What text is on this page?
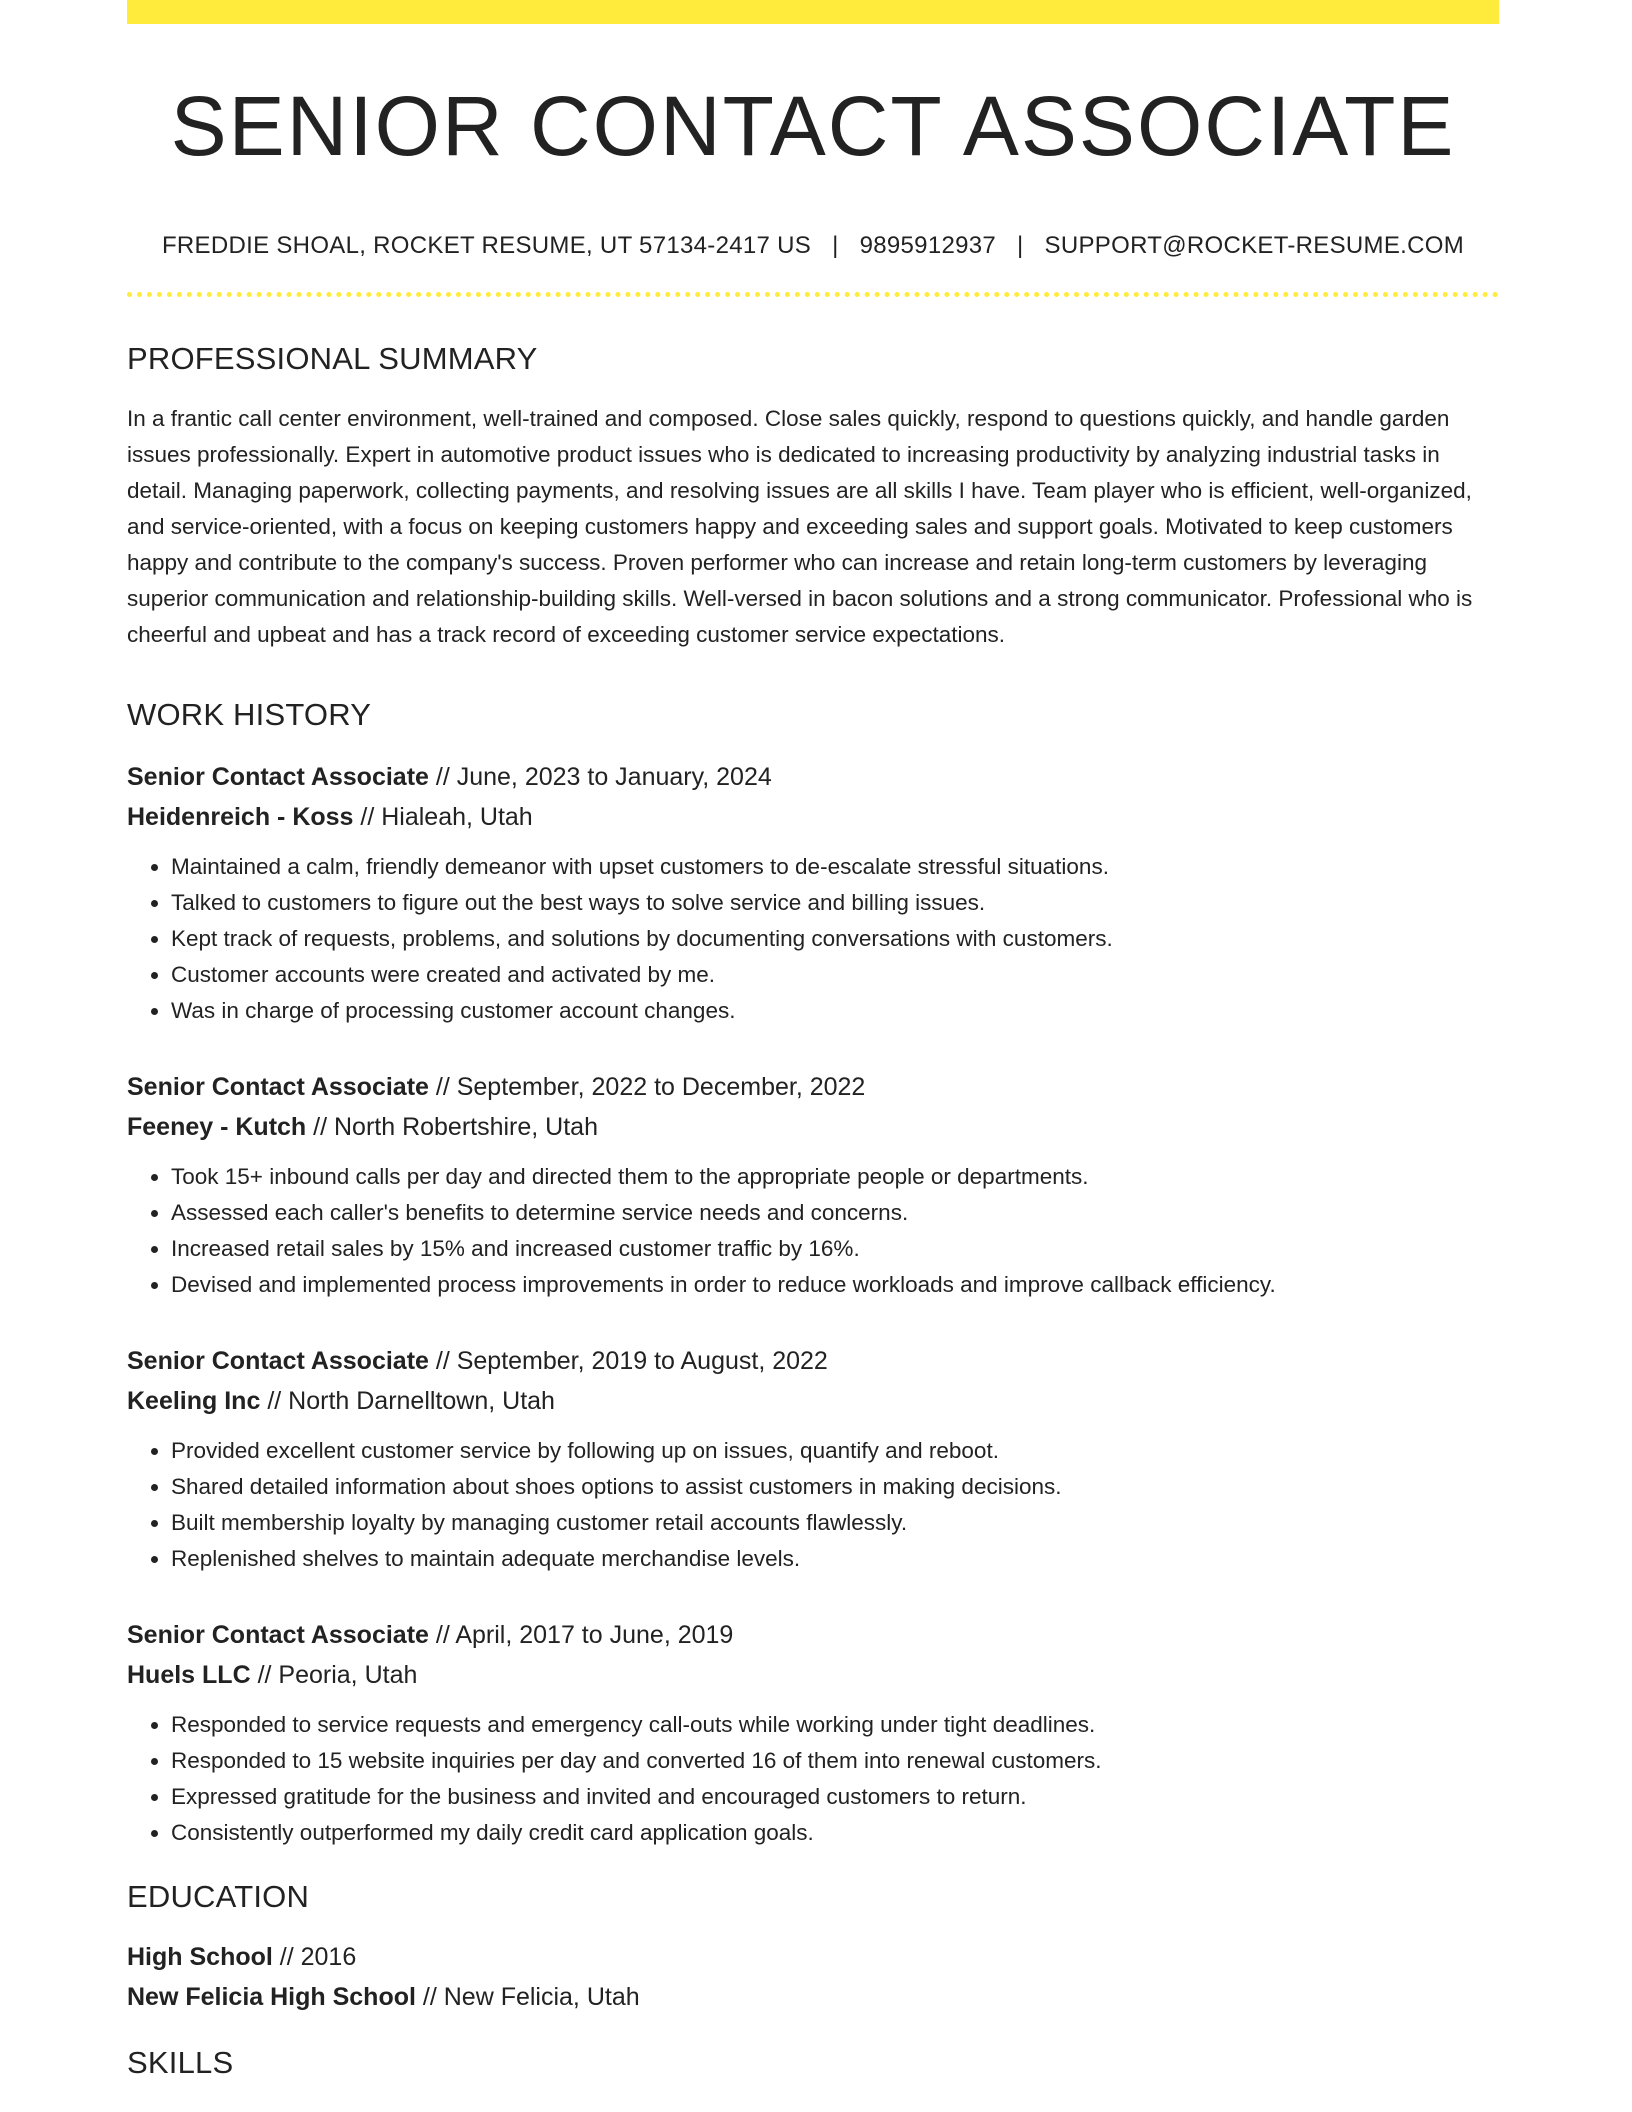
SENIOR CONTACT ASSOCIATE
FREDDIE SHOAL, ROCKET RESUME, UT 57134-2417 US | 9895912937 | SUPPORT@ROCKET-RESUME.COM
PROFESSIONAL SUMMARY
In a frantic call center environment, well-trained and composed. Close sales quickly, respond to questions quickly, and handle garden issues professionally. Expert in automotive product issues who is dedicated to increasing productivity by analyzing industrial tasks in detail. Managing paperwork, collecting payments, and resolving issues are all skills I have. Team player who is efficient, well-organized, and service-oriented, with a focus on keeping customers happy and exceeding sales and support goals. Motivated to keep customers happy and contribute to the company's success. Proven performer who can increase and retain long-term customers by leveraging superior communication and relationship-building skills. Well-versed in bacon solutions and a strong communicator. Professional who is cheerful and upbeat and has a track record of exceeding customer service expectations.
WORK HISTORY
Senior Contact Associate // June, 2023 to January, 2024
Heidenreich - Koss // Hialeah, Utah
• Maintained a calm, friendly demeanor with upset customers to de-escalate stressful situations.
• Talked to customers to figure out the best ways to solve service and billing issues.
• Kept track of requests, problems, and solutions by documenting conversations with customers.
• Customer accounts were created and activated by me.
• Was in charge of processing customer account changes.
Senior Contact Associate // September, 2022 to December, 2022
Feeney - Kutch // North Robertshire, Utah
• Took 15+ inbound calls per day and directed them to the appropriate people or departments.
• Assessed each caller's benefits to determine service needs and concerns.
• Increased retail sales by 15% and increased customer traffic by 16%.
• Devised and implemented process improvements in order to reduce workloads and improve callback efficiency.
Senior Contact Associate // September, 2019 to August, 2022
Keeling Inc // North Darnelltown, Utah
• Provided excellent customer service by following up on issues, quantify and reboot.
• Shared detailed information about shoes options to assist customers in making decisions.
• Built membership loyalty by managing customer retail accounts flawlessly.
• Replenished shelves to maintain adequate merchandise levels.
Senior Contact Associate // April, 2017 to June, 2019
Huels LLC // Peoria, Utah
• Responded to service requests and emergency call-outs while working under tight deadlines.
• Responded to 15 website inquiries per day and converted 16 of them into renewal customers.
• Expressed gratitude for the business and invited and encouraged customers to return.
• Consistently outperformed my daily credit card application goals.
EDUCATION
High School // 2016
New Felicia High School // New Felicia, Utah
SKILLS
